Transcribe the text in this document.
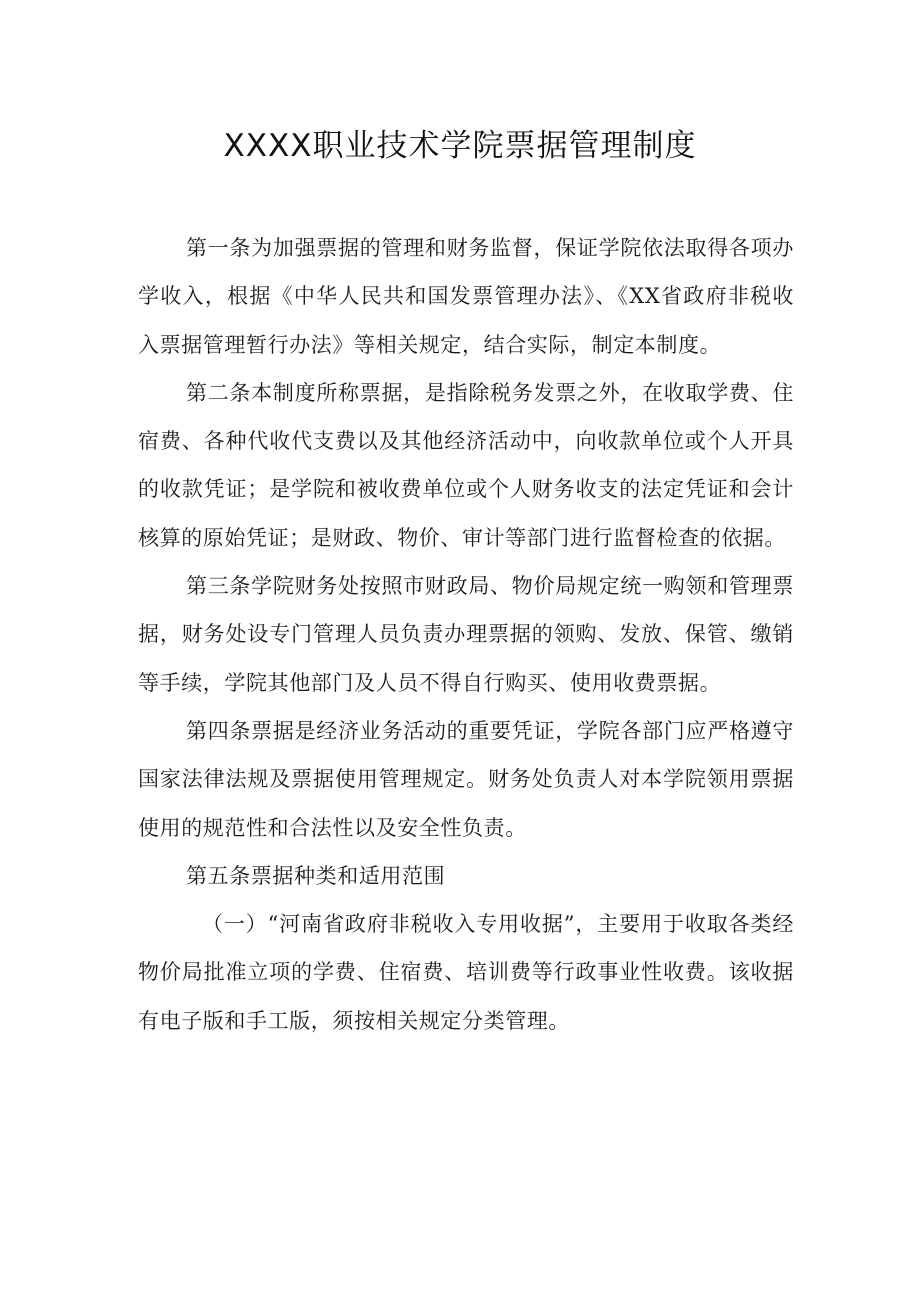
XXXX职业技术学院票据管理制度

第一条为加强票据的管理和财务监督，保证学院依法取得各项办学收入，根据《中华人民共和国发票管理办法》、《XX省政府非税收入票据管理暂行办法》等相关规定，结合实际，制定本制度。

第二条本制度所称票据，是指除税务发票之外，在收取学费、住宿费、各种代收代支费以及其他经济活动中，向收款单位或个人开具的收款凭证；是学院和被收费单位或个人财务收支的法定凭证和会计核算的原始凭证；是财政、物价、审计等部门进行监督检查的依据。

第三条学院财务处按照市财政局、物价局规定统一购领和管理票据，财务处设专门管理人员负责办理票据的领购、发放、保管、缴销等手续，学院其他部门及人员不得自行购买、使用收费票据。

第四条票据是经济业务活动的重要凭证，学院各部门应严格遵守国家法律法规及票据使用管理规定。财务处负责人对本学院领用票据使用的规范性和合法性以及安全性负责。

第五条票据种类和适用范围

（一）“河南省政府非税收入专用收据”，主要用于收取各类经物价局批准立项的学费、住宿费、培训费等行政事业性收费。该收据有电子版和手工版，须按相关规定分类管理。
